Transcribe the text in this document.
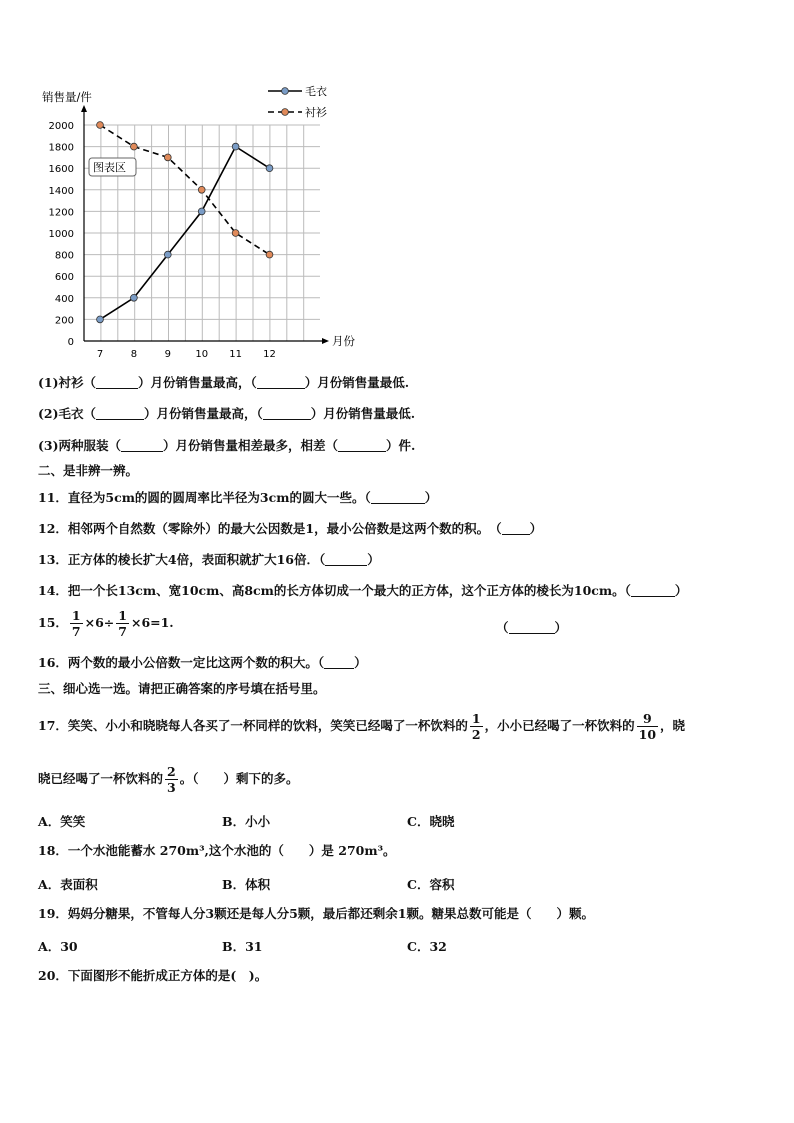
0
200
400
600
800
1000
1200
1400
1600
1800
2000
7	8	9 10 11 12
销售量/件
月份
图表区
毛衣
衬衫
(1)衬衫（	）月份销售量最高，（	）月份销售量最低.
(2)毛衣（	）月份销售量最高，（	）月份销售量最低.
(3)两种服装（	）月份销售量相差最多，相差（	）件.
二、是非辨一辨。
11．直径为5cm的圆的圆周率比半径为3cm的圆大一些。（	）
12．相邻两个自然数（零除外）的最大公因数是1，最小公倍数是这两个数的积。　（ ）
13．正方体的棱长扩大4倍，表面积就扩大16倍．（	）
14．把一个长13cm、宽10cm、高8cm的长方体切成一个最大的正方体，这个正方体的棱长为10cm。（	）
15． $\frac{1}{7} \times 6\div \frac{1}{7} \times 6=1$.	（	）
16．两个数的最小公倍数一定比这两个数的积大。（ ）
三、细心选一选。请把正确答案的序号填在括号里。
17．笑笑、小小和晓晓每人各买了一杯同样的饮料，笑笑已经喝了一杯饮料的 $\frac{1}{2}$ ，小小已经喝了一杯饮料的 $\frac{9}{10}$ ，晓
晓已经喝了一杯饮料的 $\frac{2}{3}$ 。（　　）剩下的多。
A．笑笑	B．小小	C．晓晓
18．一个水池能蓄水 270m³,这个水池的（　　）是 270m³。
A．表面积	B．体积	C．容积
19．妈妈分糖果，不管每人分3颗还是每人分5颗，最后都还剩余1颗。糖果总数可能是（　　）颗。
A．30	B．31	C．32
20．下面图形不能折成正方体的是(　)。
